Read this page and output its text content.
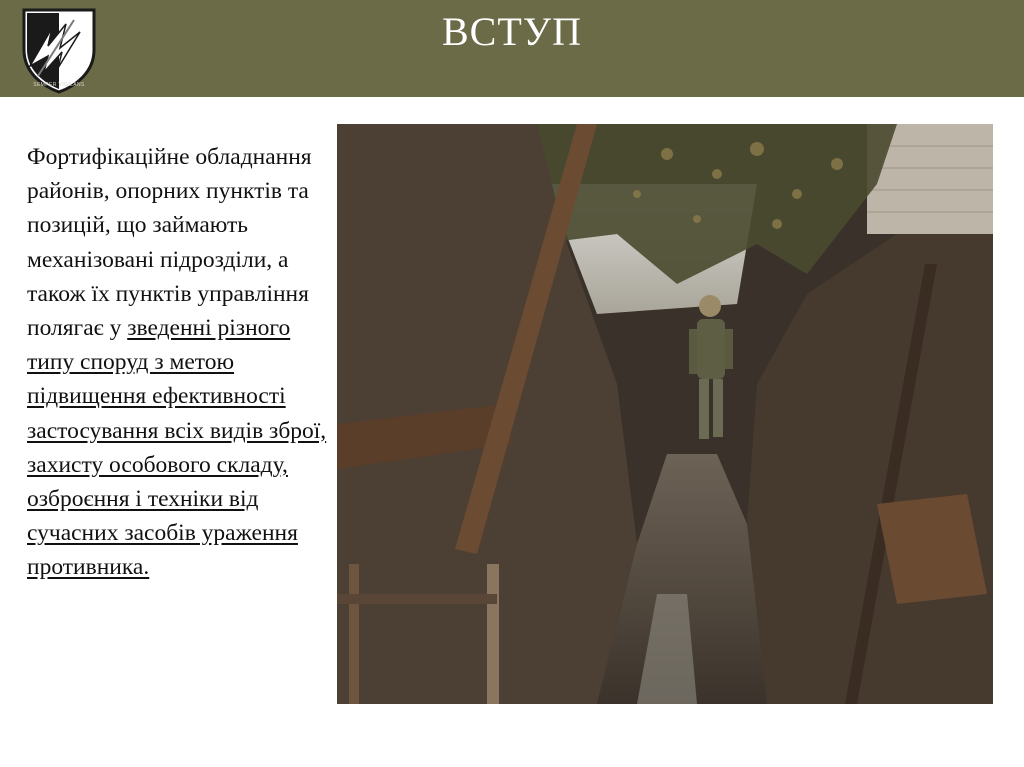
SEMPER VIGILANS
ВСТУП
Фортифікаційне обладнання районів, опорних пунктів та позицій, що займають механізовані підрозділи, а також їх пунктів управління полягає у зведенні різного типу споруд з метою підвищення ефективності застосування всіх видів зброї, захисту особового складу, озброєння і техніки від сучасних засобів ураження противника.
